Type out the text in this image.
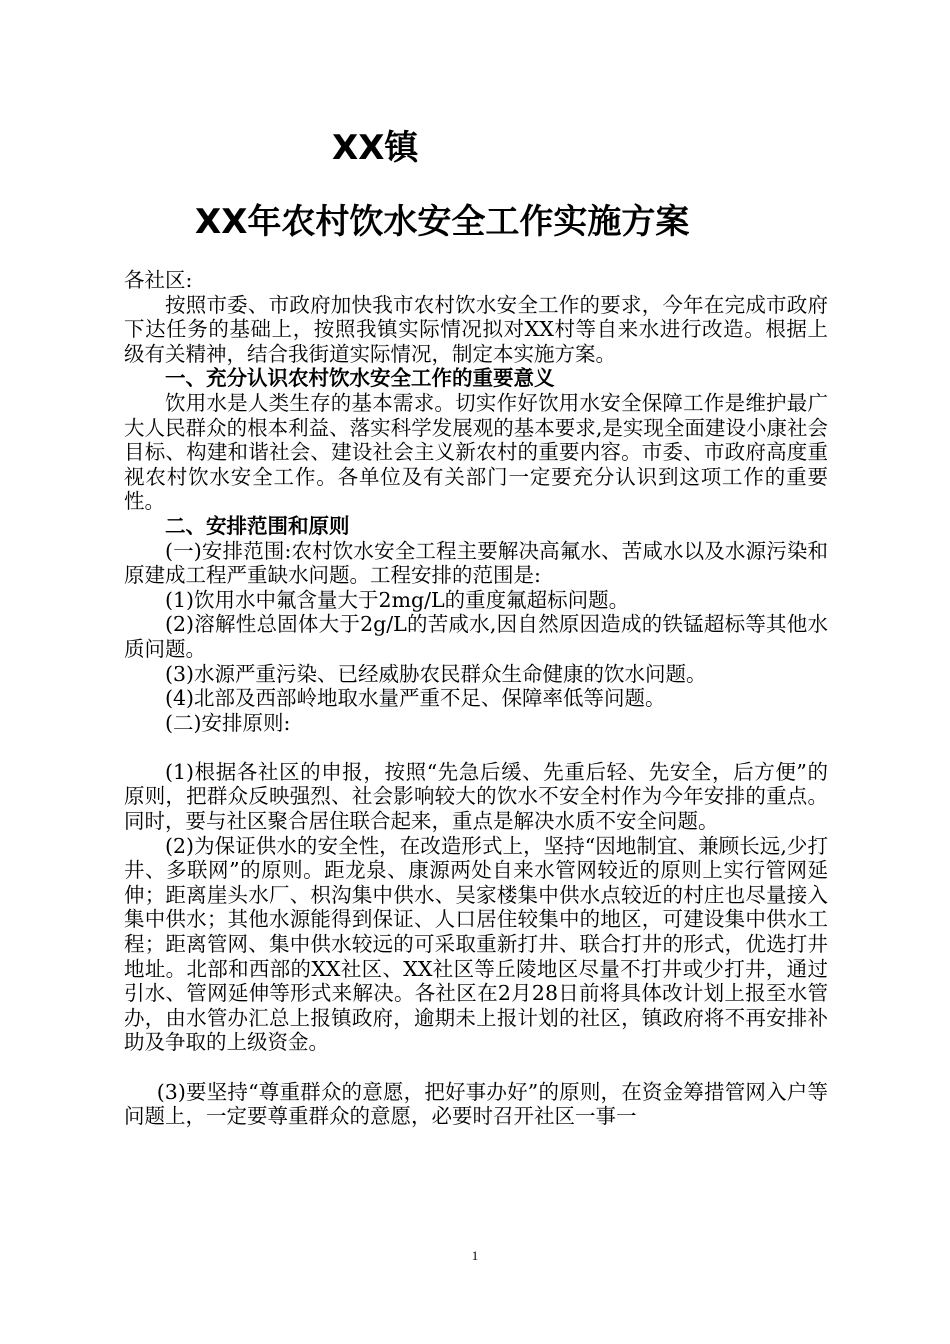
XX镇
XX年农村饮水安全工作实施方案

各社区:

按照市委、市政府加快我市农村饮水安全工作的要求，今年在完成市政府下达任务的基础上，按照我镇实际情况拟对XX村等自来水进行改造。根据上级有关精神，结合我街道实际情况，制定本实施方案。

一、充分认识农村饮水安全工作的重要意义

饮用水是人类生存的基本需求。切实作好饮用水安全保障工作是维护最广大人民群众的根本利益、落实科学发展观的基本要求,是实现全面建设小康社会目标、构建和谐社会、建设社会主义新农村的重要内容。市委、市政府高度重视农村饮水安全工作。各单位及有关部门一定要充分认识到这项工作的重要性。

二、安排范围和原则

(一)安排范围:农村饮水安全工程主要解决高氟水、苦咸水以及水源污染和原建成工程严重缺水问题。工程安排的范围是:

(1)饮用水中氟含量大于2mg/L的重度氟超标问题。

(2)溶解性总固体大于2g/L的苦咸水,因自然原因造成的铁锰超标等其他水质问题。

(3)水源严重污染、已经威胁农民群众生命健康的饮水问题。

(4)北部及西部岭地取水量严重不足、保障率低等问题。

(二)安排原则:

(1)根据各社区的申报，按照“先急后缓、先重后轻、先安全，后方便”的原则，把群众反映强烈、社会影响较大的饮水不安全村作为今年安排的重点。同时，要与社区聚合居住联合起来，重点是解决水质不安全问题。

(2)为保证供水的安全性，在改造形式上，坚持“因地制宜、兼顾长远,少打井、多联网”的原则。距龙泉、康源两处自来水管网较近的原则上实行管网延伸；距离崖头水厂、枳沟集中供水、吴家楼集中供水点较近的村庄也尽量接入集中供水；其他水源能得到保证、人口居住较集中的地区，可建设集中供水工程；距离管网、集中供水较远的可采取重新打井、联合打井的形式，优选打井地址。北部和西部的XX社区、XX社区等丘陵地区尽量不打井或少打井，通过引水、管网延伸等形式来解决。各社区在2月28日前将具体改计划上报至水管办，由水管办汇总上报镇政府，逾期未上报计划的社区，镇政府将不再安排补助及争取的上级资金。

(3)要坚持“尊重群众的意愿，把好事办好”的原则，在资金筹措管网入户等问题上，一定要尊重群众的意愿，必要时召开社区一事一

1
